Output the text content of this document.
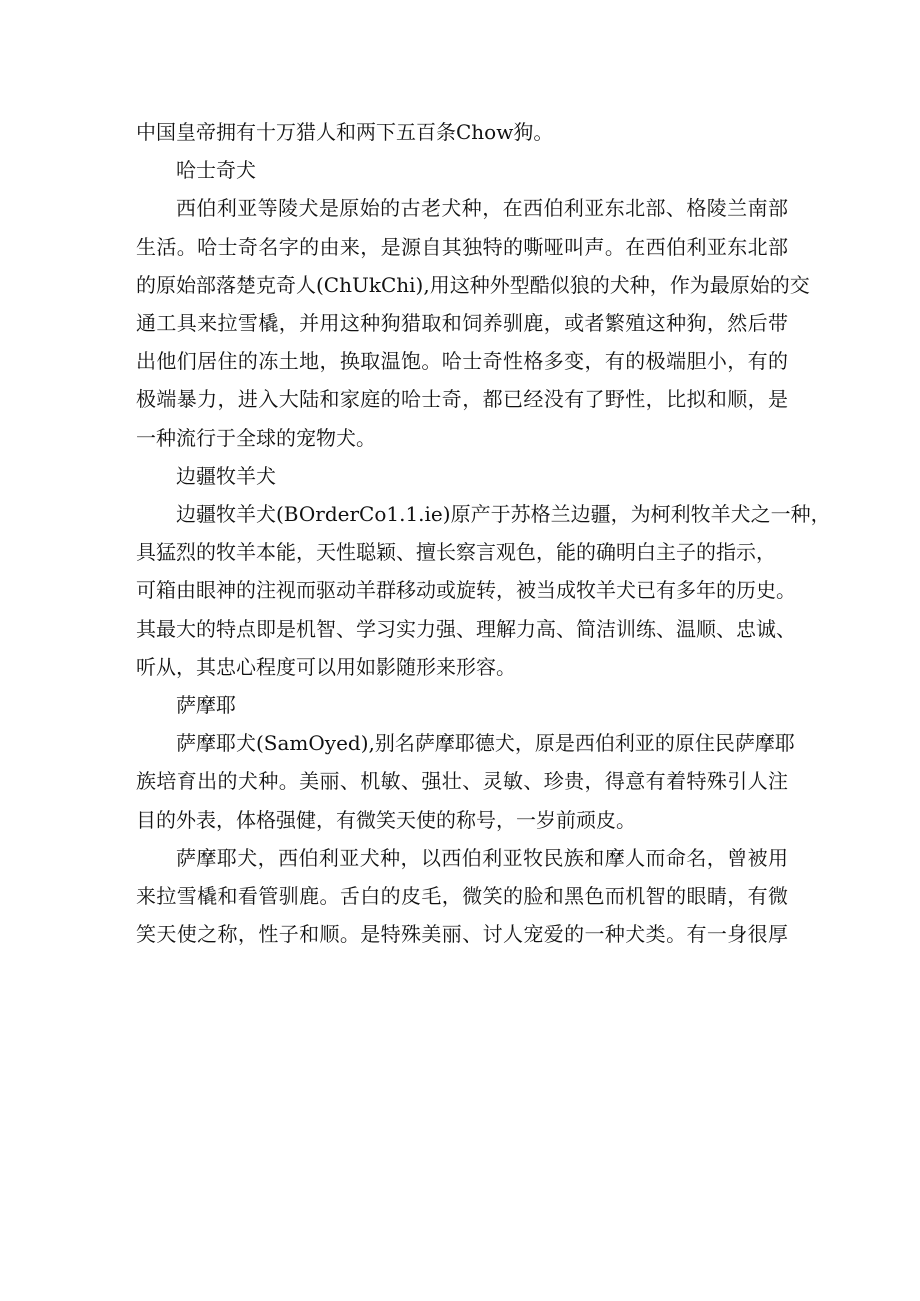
中国皇帝拥有十万猎人和两下五百条Chow狗。
哈士奇犬
西伯利亚等陵犬是原始的古老犬种，在西伯利亚东北部、格陵兰南部
生活。哈士奇名字的由来，是源自其独特的嘶哑叫声。在西伯利亚东北部
的原始部落楚克奇人(ChUkChi),用这种外型酷似狼的犬种，作为最原始的交
通工具来拉雪橇，并用这种狗猎取和饲养驯鹿，或者繁殖这种狗，然后带
出他们居住的冻土地，换取温饱。哈士奇性格多变，有的极端胆小，有的
极端暴力，进入大陆和家庭的哈士奇，都已经没有了野性，比拟和顺，是
一种流行于全球的宠物犬。
边疆牧羊犬
边疆牧羊犬(BOrderCo1.1.ie)原产于苏格兰边疆，为柯利牧羊犬之一种，
具猛烈的牧羊本能，天性聪颖、擅长察言观色，能的确明白主子的指示，
可箱由眼神的注视而驱动羊群移动或旋转，被当成牧羊犬已有多年的历史。
其最大的特点即是机智、学习实力强、理解力高、简洁训练、温顺、忠诚、
听从，其忠心程度可以用如影随形来形容。
萨摩耶
萨摩耶犬(SamOyed),别名萨摩耶德犬，原是西伯利亚的原住民萨摩耶
族培育出的犬种。美丽、机敏、强壮、灵敏、珍贵，得意有着特殊引人注
目的外表，体格强健，有微笑天使的称号，一岁前顽皮。
萨摩耶犬，西伯利亚犬种，以西伯利亚牧民族和摩人而命名，曾被用
来拉雪橇和看管驯鹿。舌白的皮毛，微笑的脸和黑色而机智的眼睛，有微
笑天使之称，性子和顺。是特殊美丽、讨人宠爱的一种犬类。有一身很厚
